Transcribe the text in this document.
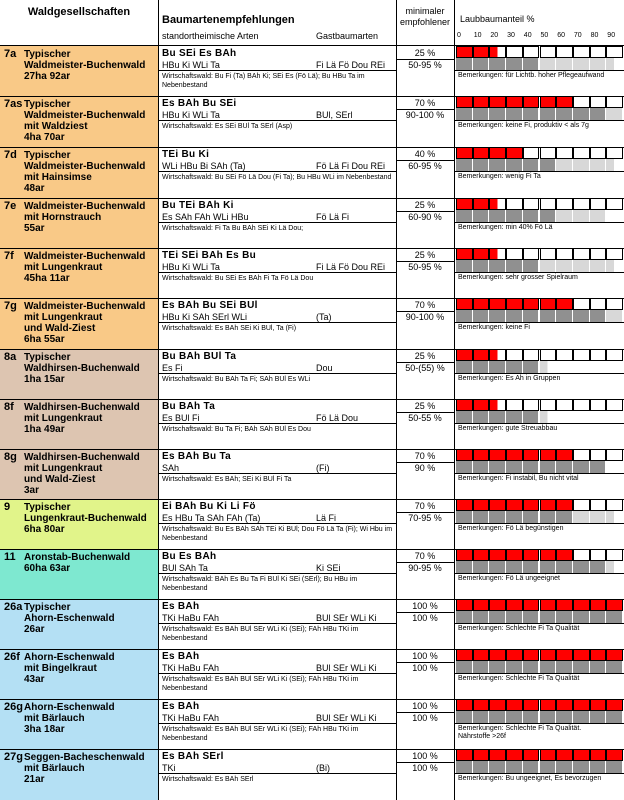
Waldgesellschaften
Baumartenempfehlungen
standortheimische Arten	Gastbaumarten
minimaler
empfohlener Laubbaumanteil %
0 10 20 30 40 50 60 70 80 90
7a Typischer
Waldmeister-Buchenwald
27ha 92ar
Bu SEi Es BAh
HBu Ki WLi Ta	Fi Lä Fö Dou REi
Wirtschaftswald: Bu Fi (Ta) BAh Ki; SEi Es (Fö Lä); Bu HBu Ta im Nebenbestand
25 %
50-95 %
Bemerkungen: für Lichtb. hoher Pflegeaufwand
7as Typischer
Waldmeister-Buchenwald
mit Waldziest
4ha 70ar
Es BAh Bu SEi
HBu Ki WLi Ta	BUl, SErl
Wirtschaftswald: Es SEi BUl Ta SErl (Asp)
70 %
90-100 %
Bemerkungen: keine Fi, produktiv < als 7g
7d Typischer
Waldmeister-Buchenwald
mit Hainsimse
48ar
TEi Bu Ki
WLi HBu Bi SAh (Ta)	Fö Lä Fi Dou REi
Wirtschaftswald: Bu SEi Fö Lä Dou (Fi Ta); Bu HBu WLi im Nebenbestand
40 %
60-95 %
Bemerkungen: wenig Fi Ta
7e Waldmeister-Buchenwald
mit Hornstrauch
55ar
Bu TEi BAh Ki
Es SAh FAh WLi HBu	Fö Lä Fi
Wirtschaftswald: Fi Ta Bu BAh SEi Ki Lä Dou;
25 %
60-90 %
Bemerkungen: min 40% Fö Lä
7f Waldmeister-Buchenwald
mit Lungenkraut
45ha 11ar
TEi SEi BAh Es Bu
HBu Ki WLi Ta	Fi Lä Fö Dou REi
Wirtschaftswald: Bu SEi Es BAh Fi Ta Fö Lä Dou
25 %
50-95 %
Bemerkungen: sehr grosser Spielraum
7g Waldmeister-Buchenwald
mit Lungenkraut
und Wald-Ziest
6ha 55ar
Es BAh Bu SEi BUl
HBu Ki SAh SErl WLi	(Ta)
Wirtschaftswald: Es BAh SEi Ki BUl, Ta (Fi)
70 %
90-100 %
Bemerkungen: keine Fi
8a Typischer
Waldhirsen-Buchenwald
1ha 15ar
Bu BAh BUl Ta
Es Fi	Dou
Wirtschaftswald: Bu BAh Ta Fi; SAh BUl Es WLi
25 %
50-(55) %
Bemerkungen: Es Ah in Gruppen
8f Waldhirsen-Buchenwald
mit Lungenkraut
1ha 49ar
Bu BAh Ta
Es BUl Fi	Fö Lä Dou
Wirtschaftswald: Bu Ta Fi; BAh SAh BUl Es Dou
25 %
50-55 %
Bemerkungen: gute Streuabbau
8g Waldhirsen-Buchenwald
mit Lungenkraut
und Wald-Ziest
3ar
Es BAh Bu Ta
SAh	(Fi)
Wirtschaftswald: Es BAh; SEi Ki BUl Fi Ta
70 %
90 %
Bemerkungen: Fi instabil, Bu nicht vital
9 Typischer
Lungenkraut-Buchenwald
6ha 80ar
Ei BAh Bu Ki Li Fö
Es HBu Ta SAh FAh (Ta)	Lä Fi
Wirtschaftswald: Bu Es BAh SAh TEi Ki BUl; Dou Fö Lä Ta (Fi); Wi Hbu im Nebenbestand
70 %
70-95 %
Bemerkungen: Fö Lä begünstigen
11 Aronstab-Buchenwald
60ha 63ar
Bu Es BAh
BUl SAh Ta	Ki SEi
Wirtschaftswald: BAh Es Bu Ta Fi BUl Ki SEi (SErl); Bu HBu im Nebenbestand
70 %
90-95 %
Bemerkungen: Fö Lä ungeeignet
26a Typischer
Ahorn-Eschenwald
26ar
Es BAh
TKi HaBu FAh	BUl SEr WLi Ki
Wirtschaftswald: Es BAh BUl SEr WLi Ki (SEi); FAh HBu TKi im Nebenbestand
100 %
100 %
Bemerkungen: Schlechte Fi Ta Qualität
26f Ahorn-Eschenwald
mit Bingelkraut
43ar
Es BAh
TKi HaBu FAh	BUl SEr WLi Ki
Wirtschaftswald: Es BAh BUl SEr WLi Ki (SEi); FAh HBu TKi im Nebenbestand
100 %
100 %
Bemerkungen: Schlechte Fi Ta Qualität
26g Ahorn-Eschenwald
mit Bärlauch
3ha 18ar
Es BAh
TKi HaBu FAh	BUl SEr WLi Ki
Wirtschaftswald: Es BAh BUl SEr WLi Ki (SEi); FAh HBu TKi im Nebenbestand
100 %
100 %
Bemerkungen: Schlechte Fi Ta Qualität. Nährstoffe >26f
27g Seggen-Bacheschenwald
mit Bärlauch
21ar
Es BAh SErl
TKi	(Bi)
Wirtschaftswald: Es BAh SErl
100 %
100 %
Bemerkungen: Bu ungeeignet, Es bevorzugen
